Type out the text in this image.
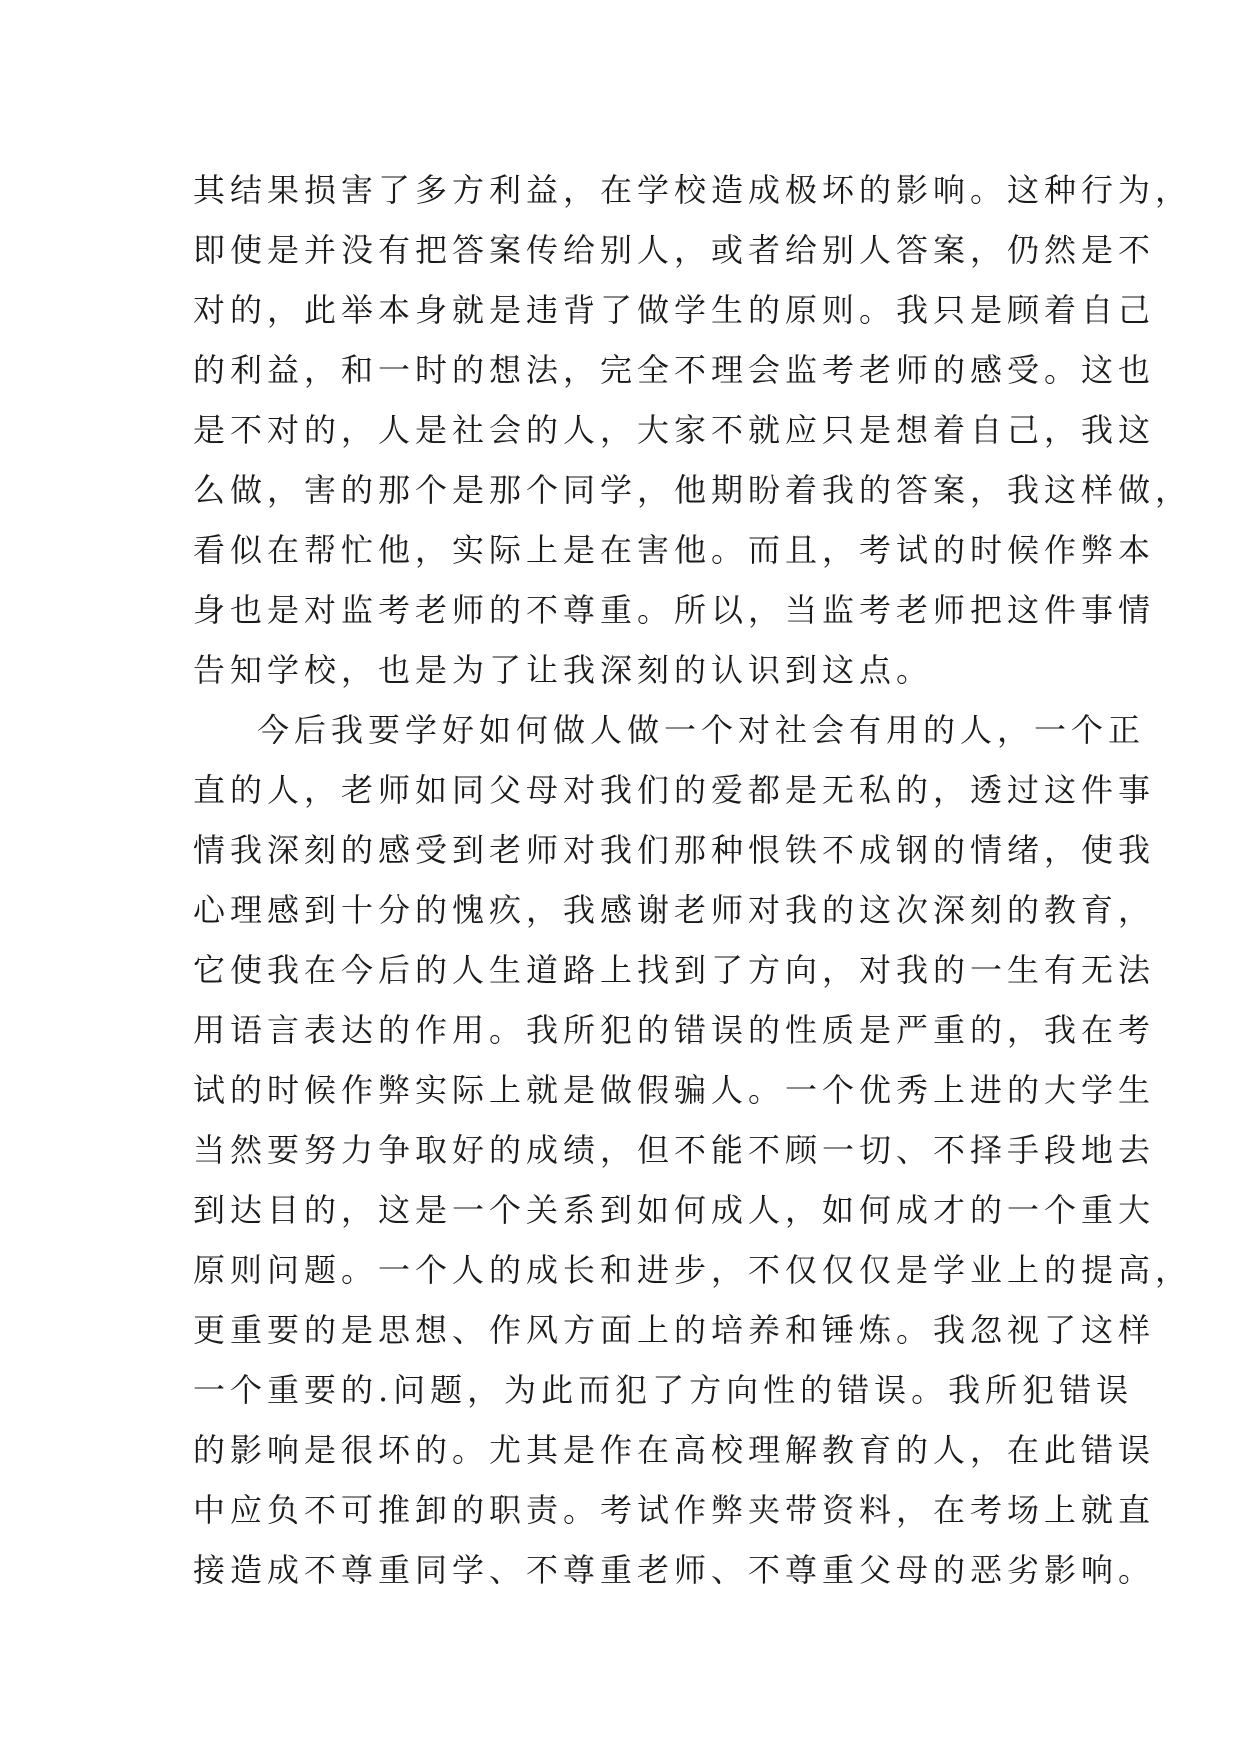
其结果损害了多方利益，在学校造成极坏的影响。这种行为，
即使是并没有把答案传给别人，或者给别人答案，仍然是不
对的，此举本身就是违背了做学生的原则。我只是顾着自己
的利益，和一时的想法，完全不理会监考老师的感受。这也
是不对的，人是社会的人，大家不就应只是想着自己，我这
么做，害的那个是那个同学，他期盼着我的答案，我这样做，
看似在帮忙他，实际上是在害他。而且，考试的时候作弊本
身也是对监考老师的不尊重。所以，当监考老师把这件事情
告知学校，也是为了让我深刻的认识到这点。
今后我要学好如何做人做一个对社会有用的人，一个正
直的人，老师如同父母对我们的爱都是无私的，透过这件事
情我深刻的感受到老师对我们那种恨铁不成钢的情绪，使我
心理感到十分的愧疚，我感谢老师对我的这次深刻的教育，
它使我在今后的人生道路上找到了方向，对我的一生有无法
用语言表达的作用。我所犯的错误的性质是严重的，我在考
试的时候作弊实际上就是做假骗人。一个优秀上进的大学生
当然要努力争取好的成绩，但不能不顾一切、不择手段地去
到达目的，这是一个关系到如何成人，如何成才的一个重大
原则问题。一个人的成长和进步，不仅仅仅是学业上的提高，
更重要的是思想、作风方面上的培养和锤炼。我忽视了这样
一个重要的.问题，为此而犯了方向性的错误。我所犯错误
的影响是很坏的。尤其是作在高校理解教育的人，在此错误
中应负不可推卸的职责。考试作弊夹带资料，在考场上就直
接造成不尊重同学、不尊重老师、不尊重父母的恶劣影响。
